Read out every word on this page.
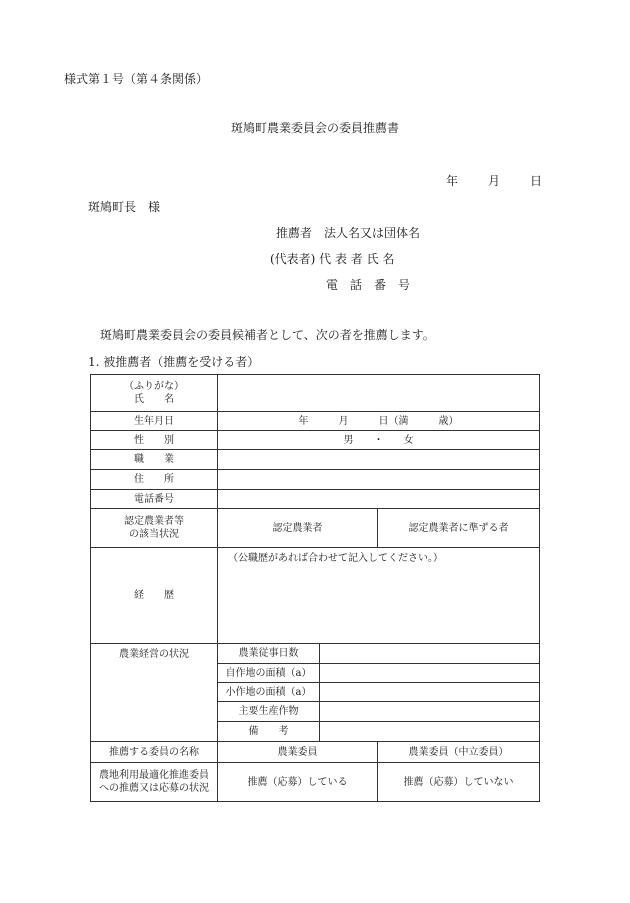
様式第１号（第４条関係）
斑鳩町農業委員会の委員推薦書
年	月	日
斑鳩町長　様
推薦者　法人名又は団体名
(代表者) 代 表 者 氏 名
電　話　番　号
斑鳩町農業委員会の委員候補者として、次の者を推薦します。
1. 被推薦者（推薦を受ける者）
（ふりがな）
氏　　名			

生年月日	年　　　月　　　日（満　　　歳）		
性　　別	男　　・　　女		
職　　業			
住　　所			
電話番号			

認定農業者等
の該当状況	認定農業者		認定農業者に準ずる者
経　　歴	（公職歴があれば合わせて記入してください。）		
農業経営の状況	農業従事日数		
	自作地の面積（a）		
	小作地の面積（a）		
	主要生産作物		
	備　　考		
推薦する委員の名称	農業委員		農業委員（中立委員）

農地利用最適化推進委員
への推薦又は応募の状況	推薦（応募）している		推薦（応募）していない
